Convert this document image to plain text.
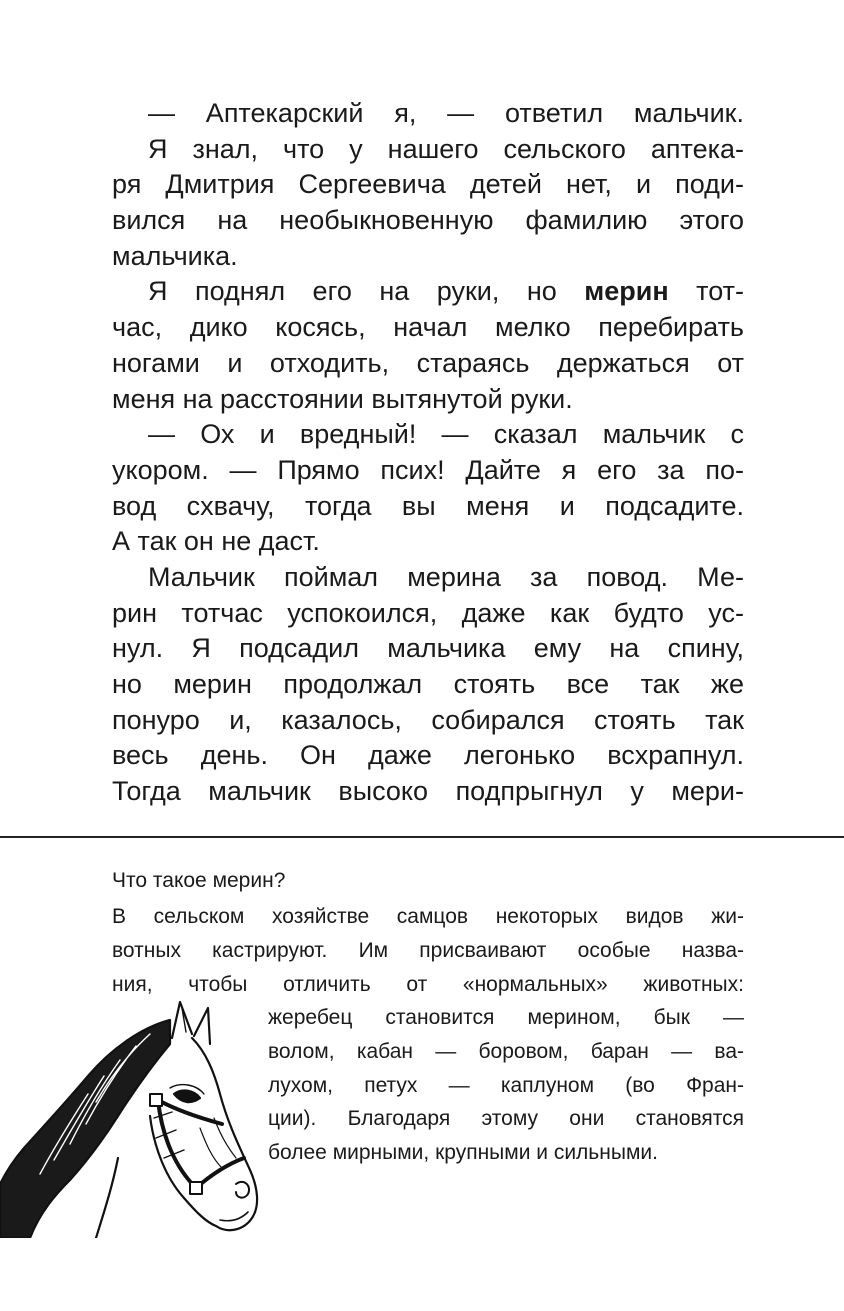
— Аптекарский я, — ответил мальчик.
Я знал, что у нашего сельского аптека-
ря Дмитрия Сергеевича детей нет, и поди-
вился на необыкновенную фамилию этого
мальчика.
Я поднял его на руки, но мерин тот-
час, дико косясь, начал мелко перебирать
ногами и отходить, стараясь держаться от
меня на расстоянии вытянутой руки.
— Ох и вредный! — сказал мальчик с
укором. — Прямо псих! Дайте я его за по-
вод схвачу, тогда вы меня и подсадите.
А так он не даст.
Мальчик поймал мерина за повод. Ме-
рин тотчас успокоился, даже как будто ус-
нул. Я подсадил мальчика ему на спину,
но мерин продолжал стоять все так же
понуро и, казалось, собирался стоять так
весь день. Он даже легонько всхрапнул.
Тогда мальчик высоко подпрыгнул у мери-
Что такое мерин?
В сельском хозяйстве самцов некоторых видов жи-
вотных кастрируют. Им присваивают особые назва-
ния, чтобы отличить от «нормальных» животных:
жеребец становится мерином, бык —
волом, кабан — боровом, баран — ва-
лухом, петух — каплуном (во Фран-
ции). Благодаря этому они становятся
более мирными, крупными и сильными.
